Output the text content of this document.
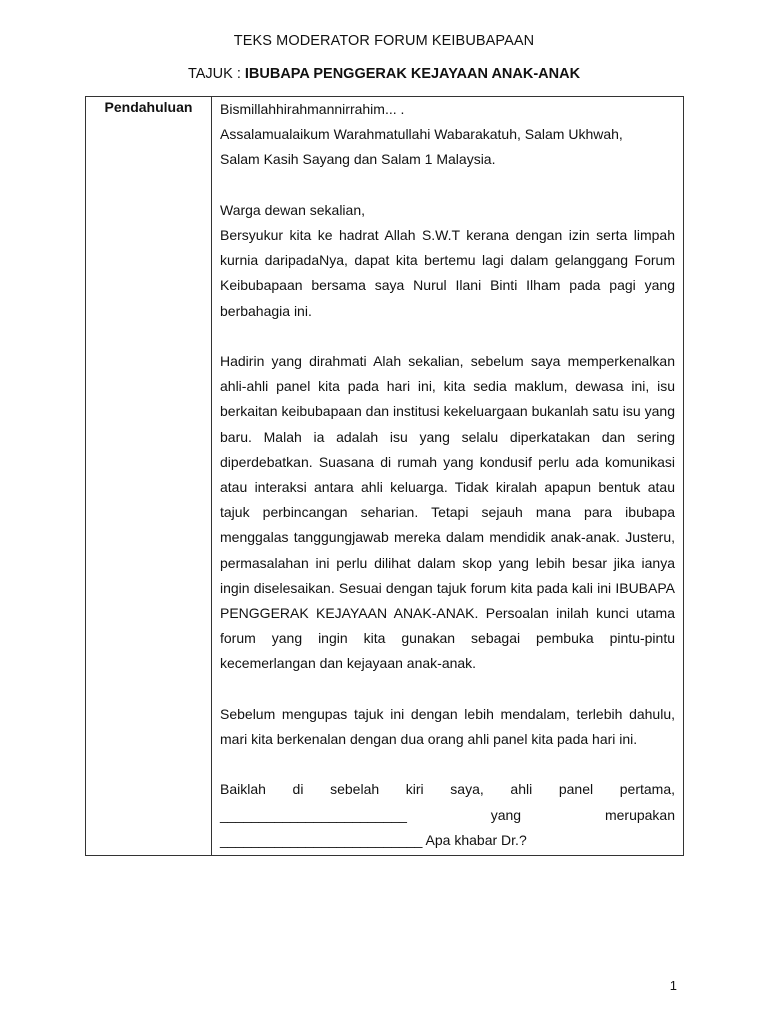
TEKS MODERATOR FORUM KEIBUBAPAAN
TAJUK : IBUBAPA PENGGERAK KEJAYAAN ANAK-ANAK
Pendahuluan	Bismillahhirahmannirrahim... .

Assalamualaikum Warahmatullahi Wabarakatuh, Salam Ukhwah,

Salam Kasih Sayang dan Salam 1 Malaysia.

Warga dewan sekalian,

Bersyukur kita ke hadrat Allah S.W.T kerana dengan izin serta limpah kurnia daripadaNya, dapat kita bertemu lagi dalam gelanggang Forum Keibubapaan bersama saya Nurul Ilani Binti Ilham pada pagi yang berbahagia ini.

Hadirin yang dirahmati Alah sekalian, sebelum saya memperkenalkan ahli-ahli panel kita pada hari ini, kita sedia maklum, dewasa ini, isu berkaitan keibubapaan dan institusi kekeluargaan bukanlah satu isu yang baru. Malah ia adalah isu yang selalu diperkatakan dan sering diperdebatkan. Suasana di rumah yang kondusif perlu ada komunikasi atau interaksi antara ahli keluarga. Tidak kiralah apapun bentuk atau tajuk perbincangan seharian. Tetapi sejauh mana para ibubapa menggalas tanggungjawab mereka dalam mendidik anak-anak. Justeru, permasalahan ini perlu dilihat dalam skop yang lebih besar jika ianya ingin diselesaikan. Sesuai dengan tajuk forum kita pada kali ini IBUBAPA PENGGERAK KEJAYAAN ANAK-ANAK. Persoalan inilah kunci utama forum yang ingin kita gunakan sebagai pembuka pintu-pintu kecemerlangan dan kejayaan anak-anak.

Sebelum mengupas tajuk ini dengan lebih mendalam, terlebih dahulu, mari kita berkenalan dengan dua orang ahli panel kita pada hari ini.

Baiklah di sebelah kiri saya, ahli panel pertama,

________________________ yang merupakan

__________________________ Apa khabar Dr.?

1
